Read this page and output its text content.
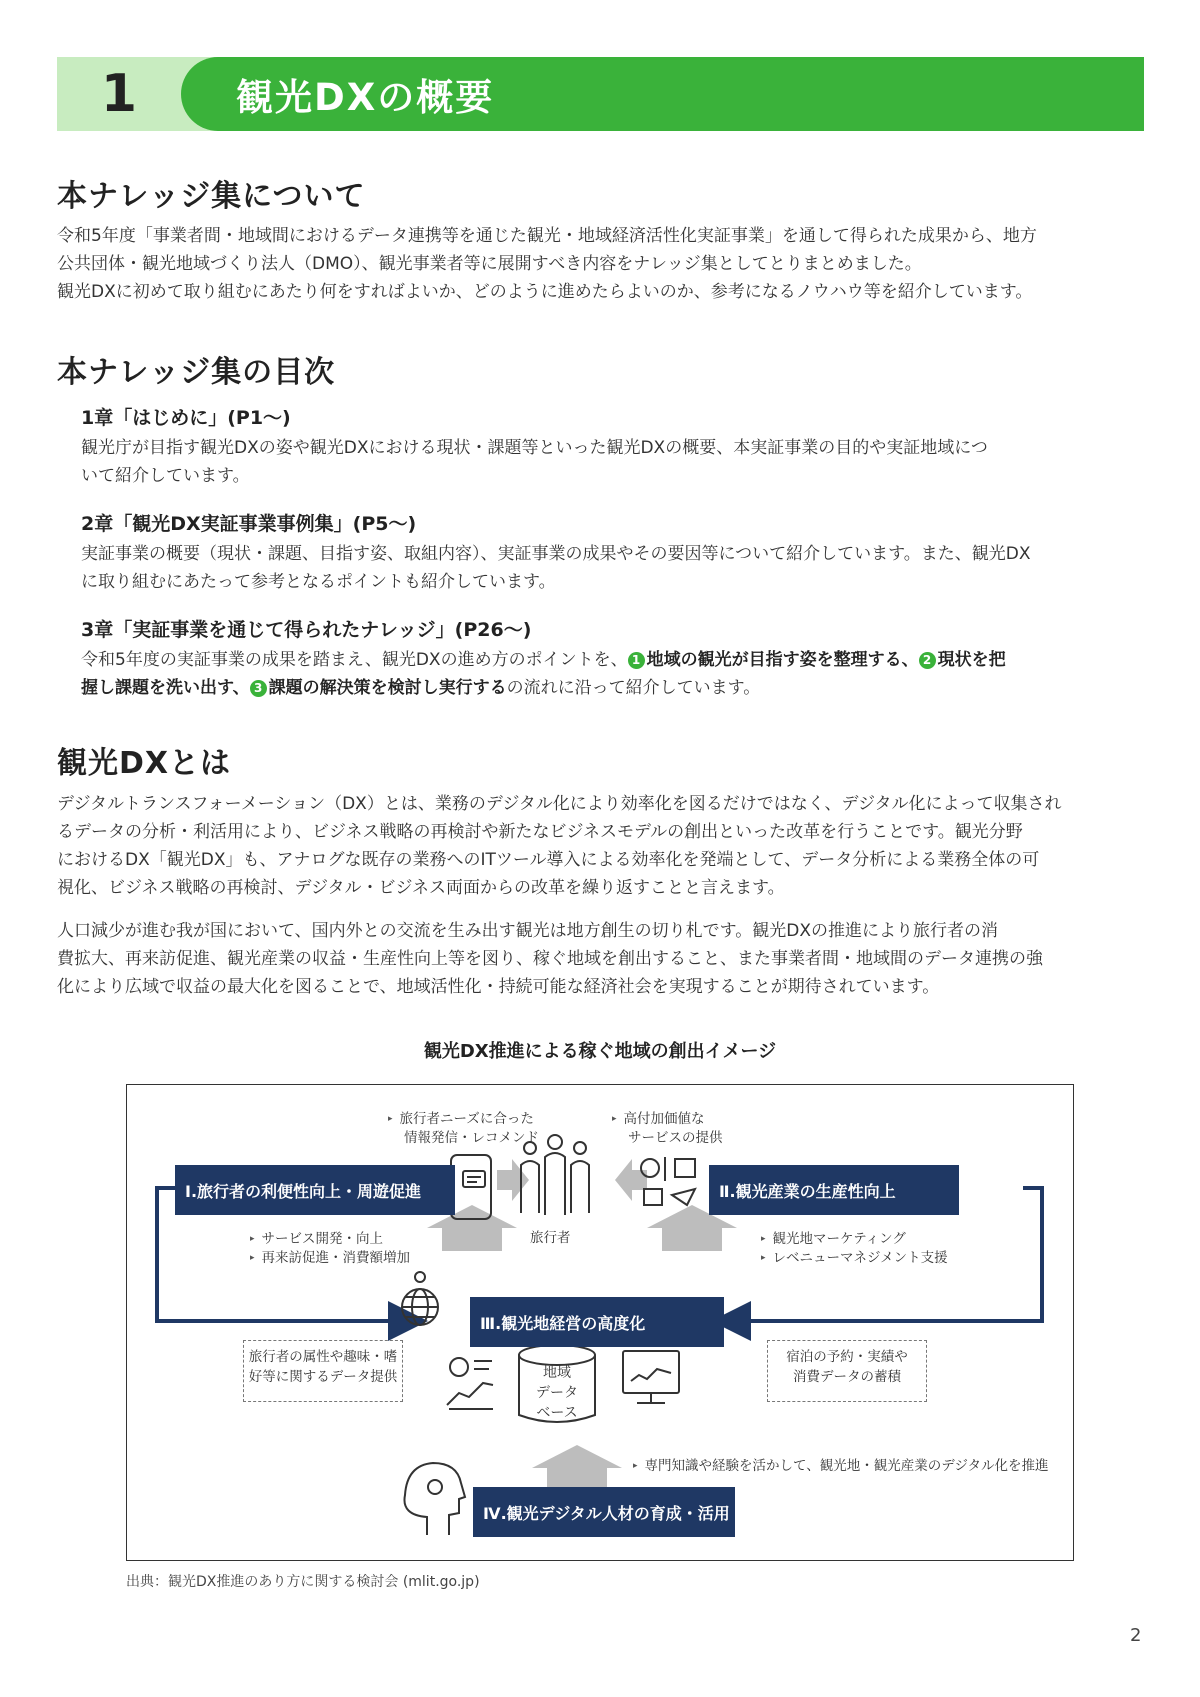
1	観光DXの概要
本ナレッジ集について
令和5年度「事業者間・地域間におけるデータ連携等を通じた観光・地域経済活性化実証事業」を通して得られた成果から、地方
公共団体・観光地域づくり法人（DMO）、観光事業者等に展開すべき内容をナレッジ集としてとりまとめました。
観光DXに初めて取り組むにあたり何をすればよいか、どのように進めたらよいのか、参考になるノウハウ等を紹介しています。
本ナレッジ集の目次
1章「はじめに」(P1～)
観光庁が目指す観光DXの姿や観光DXにおける現状・課題等といった観光DXの概要、本実証事業の目的や実証地域につ
いて紹介しています。
2章「観光DX実証事業事例集」(P5～)
実証事業の概要（現状・課題、目指す姿、取組内容）、実証事業の成果やその要因等について紹介しています。また、観光DX
に取り組むにあたって参考となるポイントも紹介しています。
3章「実証事業を通じて得られたナレッジ」(P26～)
令和5年度の実証事業の成果を踏まえ、観光DXの進め方のポイントを、 1 地域の観光が目指す姿を整理する、 2 現状を把
握し課題を洗い出す、 3 課題の解決策を検討し実行するの流れに沿って紹介しています。
観光DXとは
デジタルトランスフォーメーション（DX）とは、業務のデジタル化により効率化を図るだけではなく、デジタル化によって収集され
るデータの分析・利活用により、ビジネス戦略の再検討や新たなビジネスモデルの創出といった改革を行うことです。観光分野
におけるDX「観光DX」も、アナログな既存の業務へのITツール導入による効率化を発端として、データ分析による業務全体の可
視化、ビジネス戦略の再検討、デジタル・ビジネス両面からの改革を繰り返すことと言えます。
人口減少が進む我が国において、国内外との交流を生み出す観光は地方創生の切り札です。観光DXの推進により旅行者の消
費拡大、再来訪促進、観光産業の収益・生産性向上等を図り、稼ぐ地域を創出すること、また事業者間・地域間のデータ連携の強
化により広域で収益の最大化を図ることで、地域活性化・持続可能な経済社会を実現することが期待されています。
観光DX推進による稼ぐ地域の創出イメージ
▸ 旅行者ニーズに合った
情報発信・レコメンド
▸ 高付加価値な
サービスの提供
旅行者
Ⅰ.旅行者の利便性向上・周遊促進	Ⅱ.観光産業の生産性向上
Ⅲ.観光地経営の高度化
Ⅳ.観光デジタル人材の育成・活用
▸ サービス開発・向上
▸ 再来訪促進・消費額増加
▸ 観光地マーケティング
▸ レベニューマネジメント支援
旅行者の属性や趣味・嗜
好等に関するデータ提供
宿泊の予約・実績や
消費データの蓄積
地域
データ
ベース
▸ 専門知識や経験を活かして、観光地・観光産業のデジタル化を推進
出典：観光DX推進のあり方に関する検討会 (mlit.go.jp)
2
